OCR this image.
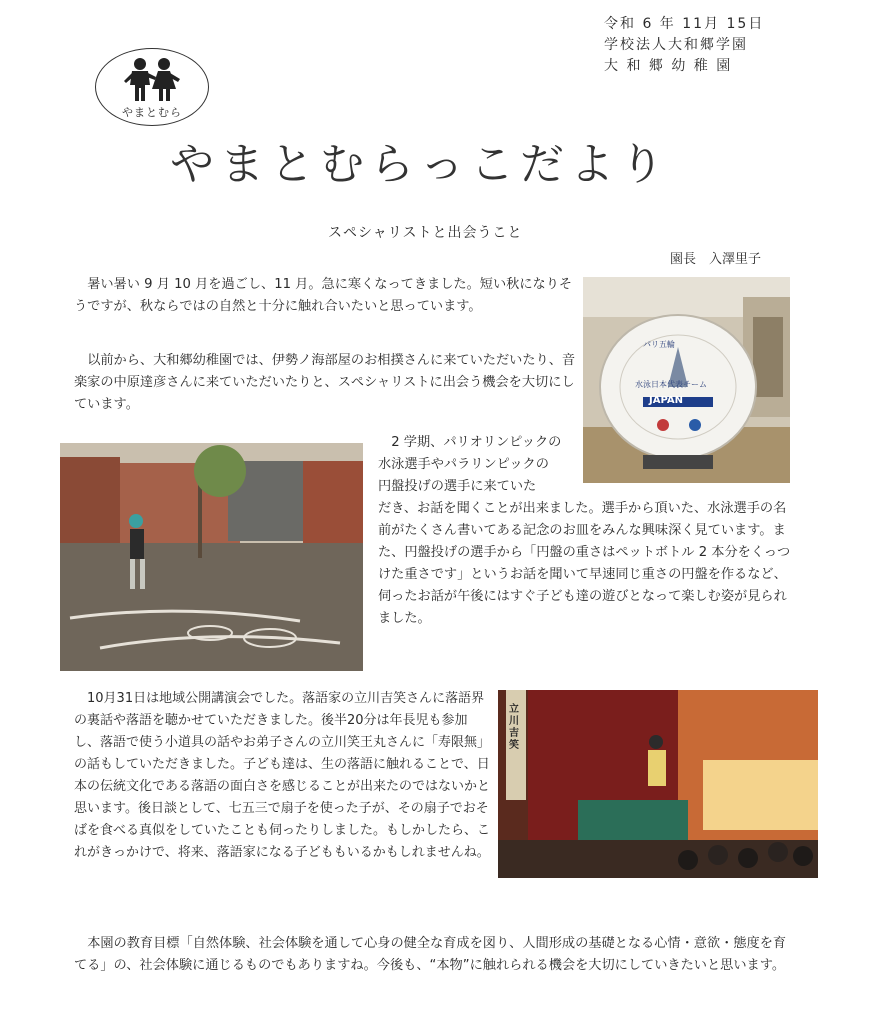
令和 6 年 11月 15日
学校法人大和郷学園
大 和 郷 幼 稚 園
やまとむら
やまとむらっこだより
スペシャリストと出会うこと
園長　入澤里子

暑い暑い 9 月 10 月を過ごし、11 月。急に寒くなってきました。短い秋になりそうですが、秋ならではの自然と十分に触れ合いたいと思っています。

以前から、大和郷幼稚園では、伊勢ノ海部屋のお相撲さんに来ていただいたり、音楽家の中原達彦さんに来ていただいたりと、スペシャリストに出会う機会を大切にしています。

パリ五輪
水泳日本代表チーム
JAPAN

2 学期、パリオリンピックの

水泳選手やパラリンピックの
円盤投げの選手に来ていた
だき、お話を聞くことが出来ました。選手から頂いた、水泳選手の名前がたくさん書いてある記念のお皿をみんな興味深く見ています。また、円盤投げの選手から「円盤の重さはペットボトル 2 本分をくっつけた重さです」というお話を聞いて早速同じ重さの円盤を作るなど、伺ったお話が午後にはすぐ子ども達の遊びとなって楽しむ姿が見られました。

10月31日は地域公開講演会でした。落語家の立川吉笑さんに落語界の裏話や落語を聴かせていただきました。後半20分は年長児も参加し、落語で使う小道具の話やお弟子さんの立川笑王丸さんに「寿限無」の話もしていただきました。子ども達は、生の落語に触れることで、日本の伝統文化である落語の面白さを感じることが出来たのではないかと思います。後日談として、七五三で扇子を使った子が、その扇子でおそばを食べる真似をしていたことも伺ったりしました。もしかしたら、これがきっかけで、将来、落語家になる子どももいるかもしれませんね。

立川吉笑

本園の教育目標「自然体験、社会体験を通して心身の健全な育成を図り、人間形成の基礎となる心情・意欲・態度を育てる」の、社会体験に通じるものでもありますね。今後も、“本物”に触れられる機会を大切にしていきたいと思います。
